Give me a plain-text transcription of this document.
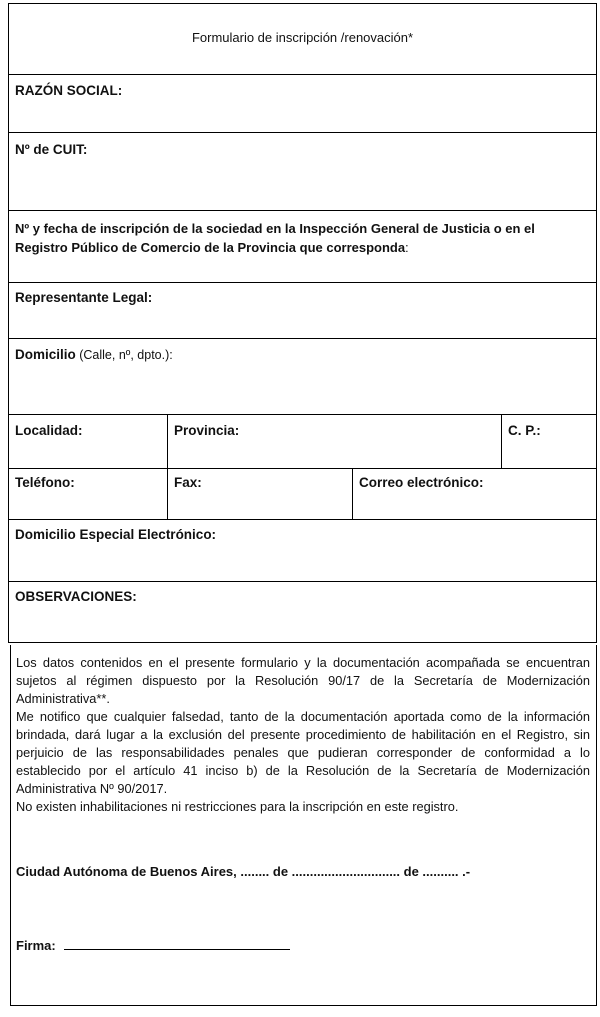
Formulario de inscripción /renovación*
RAZÓN SOCIAL:
Nº de CUIT:
Nº y fecha de inscripción de la sociedad en la Inspección General de Justicia o en el
Registro Público de Comercio de la Provincia que corresponda:
Representante Legal:
Domicilio (Calle, nº, dpto.):
Localidad:	Provincia:	C. P.:
Teléfono:	Fax:	Correo electrónico:
Domicilio Especial Electrónico:
OBSERVACIONES:

Los datos contenidos en el presente formulario y la documentación acompañada se encuentran sujetos al régimen dispuesto por la Resolución 90/17 de la Secretaría de Modernización Administrativa**.

Me notifico que cualquier falsedad, tanto de la documentación aportada como de la información brindada, dará lugar a la exclusión del presente procedimiento de habilitación en el Registro, sin perjuicio de las responsabilidades penales que pudieran corresponder de conformidad a lo establecido por el artículo 41 inciso b) de la Resolución de la Secretaría de Modernización Administrativa Nº 90/2017.

No existen inhabilitaciones ni restricciones para la inscripción en este registro.

Ciudad Autónoma de Buenos Aires, ........ de .............................. de .......... .-
Firma:
